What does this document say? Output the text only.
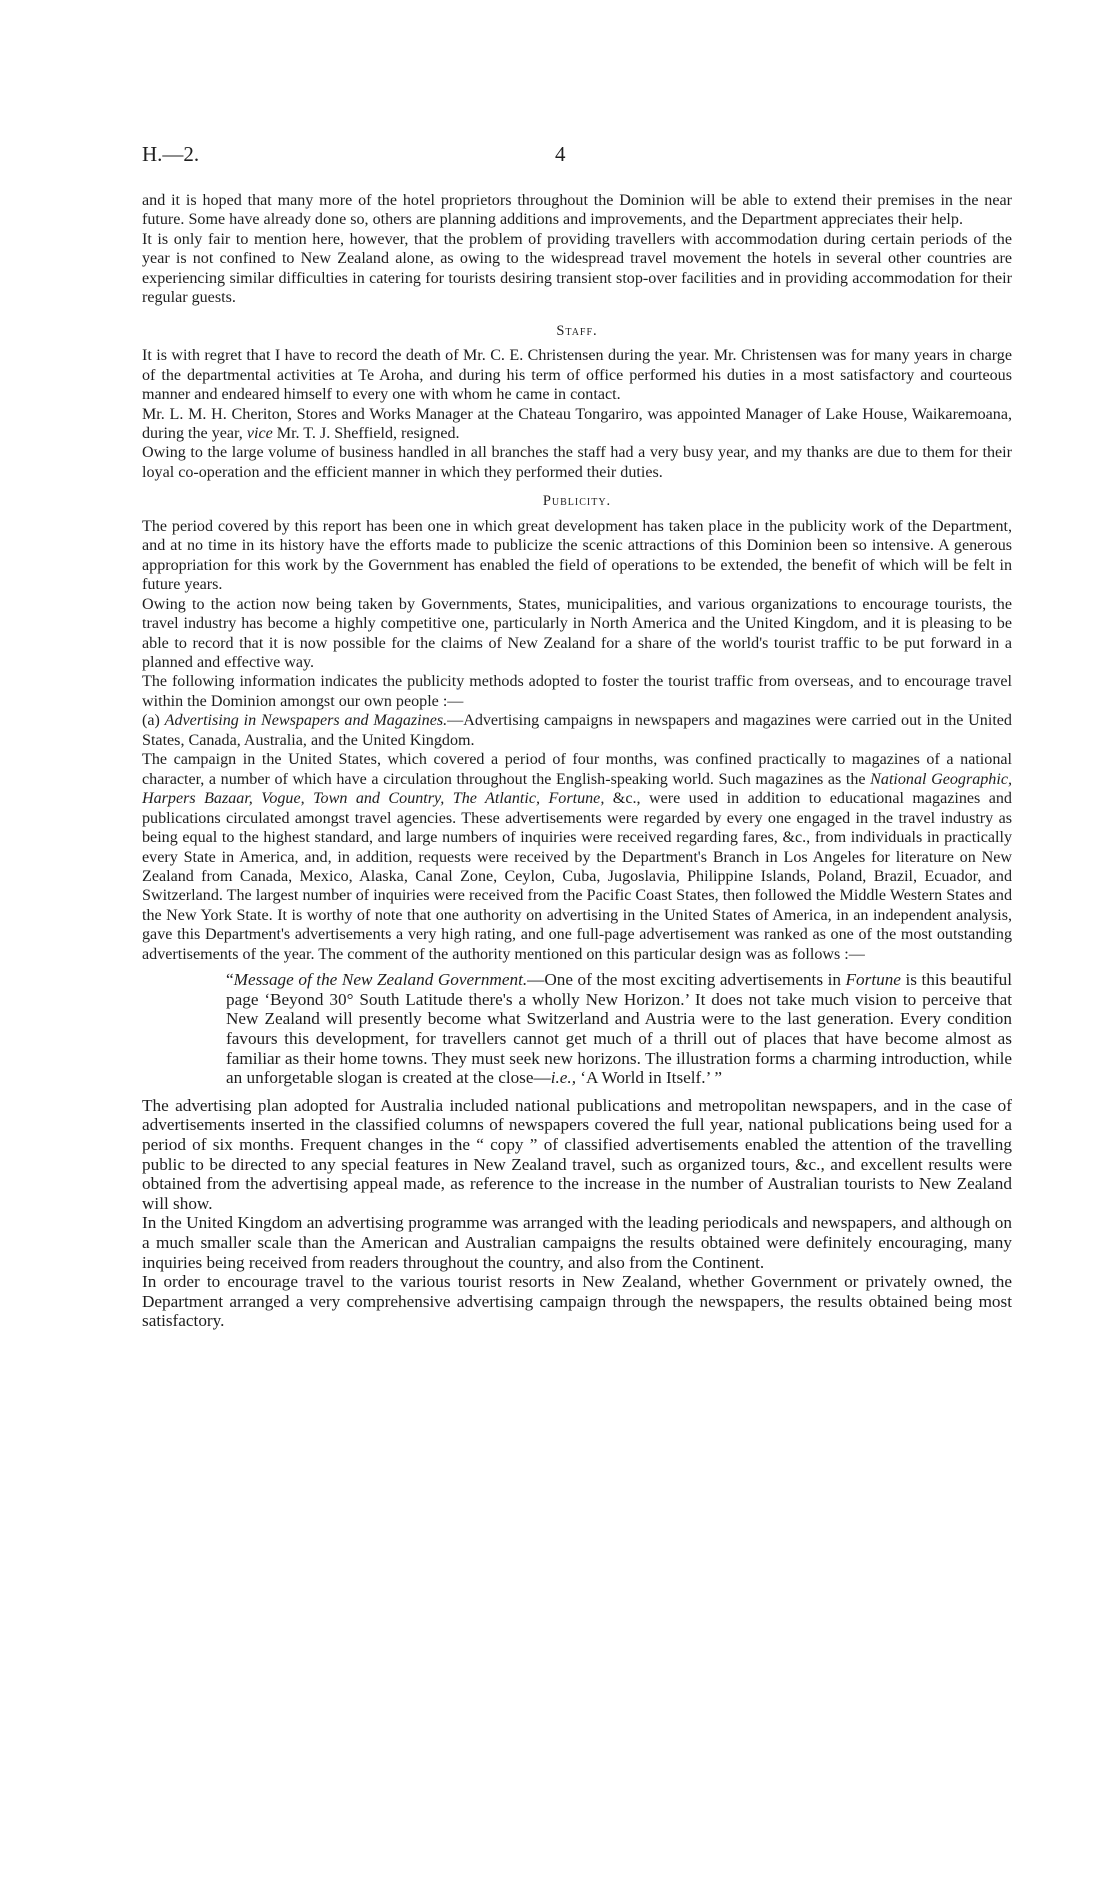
H.—2.	4

and it is hoped that many more of the hotel proprietors throughout the Dominion will be able to extend their premises in the near future. Some have already done so, others are planning additions and improvements, and the Department appreciates their help.

It is only fair to mention here, however, that the problem of providing travellers with accommodation during certain periods of the year is not confined to New Zealand alone, as owing to the widespread travel movement the hotels in several other countries are experiencing similar difficulties in catering for tourists desiring transient stop-over facilities and in providing accommodation for their regular guests.

Staff.

It is with regret that I have to record the death of Mr. C. E. Christensen during the year. Mr. Christensen was for many years in charge of the departmental activities at Te Aroha, and during his term of office performed his duties in a most satisfactory and courteous manner and endeared himself to every one with whom he came in contact.

Mr. L. M. H. Cheriton, Stores and Works Manager at the Chateau Tongariro, was appointed Manager of Lake House, Waikaremoana, during the year, vice Mr. T. J. Sheffield, resigned.

Owing to the large volume of business handled in all branches the staff had a very busy year, and my thanks are due to them for their loyal co-operation and the efficient manner in which they performed their duties.

Publicity.

The period covered by this report has been one in which great development has taken place in the publicity work of the Department, and at no time in its history have the efforts made to publicize the scenic attractions of this Dominion been so intensive. A generous appropriation for this work by the Government has enabled the field of operations to be extended, the benefit of which will be felt in future years.

Owing to the action now being taken by Governments, States, municipalities, and various organizations to encourage tourists, the travel industry has become a highly competitive one, particularly in North America and the United Kingdom, and it is pleasing to be able to record that it is now possible for the claims of New Zealand for a share of the world's tourist traffic to be put forward in a planned and effective way.

The following information indicates the publicity methods adopted to foster the tourist traffic from overseas, and to encourage travel within the Dominion amongst our own people :—

(a) Advertising in Newspapers and Magazines.—Advertising campaigns in newspapers and magazines were carried out in the United States, Canada, Australia, and the United Kingdom.

The campaign in the United States, which covered a period of four months, was confined practically to magazines of a national character, a number of which have a circulation throughout the English-speaking world. Such magazines as the National Geographic, Harpers Bazaar, Vogue, Town and Country, The Atlantic, Fortune, &c., were used in addition to educational magazines and publications circulated amongst travel agencies. These advertisements were regarded by every one engaged in the travel industry as being equal to the highest standard, and large numbers of inquiries were received regarding fares, &c., from individuals in practically every State in America, and, in addition, requests were received by the Department's Branch in Los Angeles for literature on New Zealand from Canada, Mexico, Alaska, Canal Zone, Ceylon, Cuba, Jugoslavia, Philippine Islands, Poland, Brazil, Ecuador, and Switzerland. The largest number of inquiries were received from the Pacific Coast States, then followed the Middle Western States and the New York State. It is worthy of note that one authority on advertising in the United States of America, in an independent analysis, gave this Department's advertisements a very high rating, and one full-page advertisement was ranked as one of the most outstanding advertisements of the year. The comment of the authority mentioned on this particular design was as follows :—

“Message of the New Zealand Government.—One of the most exciting advertisements in Fortune is this beautiful page ‘Beyond 30° South Latitude there's a wholly New Horizon.’ It does not take much vision to perceive that New Zealand will presently become what Switzerland and Austria were to the last generation. Every condition favours this development, for travellers cannot get much of a thrill out of places that have become almost as familiar as their home towns. They must seek new horizons. The illustration forms a charming introduction, while an unforgetable slogan is created at the close—i.e., ‘A World in Itself.’ ”

The advertising plan adopted for Australia included national publications and metropolitan newspapers, and in the case of advertisements inserted in the classified columns of newspapers covered the full year, national publications being used for a period of six months. Frequent changes in the “ copy ” of classified advertisements enabled the attention of the travelling public to be directed to any special features in New Zealand travel, such as organized tours, &c., and excellent results were obtained from the advertising appeal made, as reference to the increase in the number of Australian tourists to New Zealand will show.

In the United Kingdom an advertising programme was arranged with the leading periodicals and newspapers, and although on a much smaller scale than the American and Australian campaigns the results obtained were definitely encouraging, many inquiries being received from readers throughout the country, and also from the Continent.

In order to encourage travel to the various tourist resorts in New Zealand, whether Government or privately owned, the Department arranged a very comprehensive advertising campaign through the newspapers, the results obtained being most satisfactory.
